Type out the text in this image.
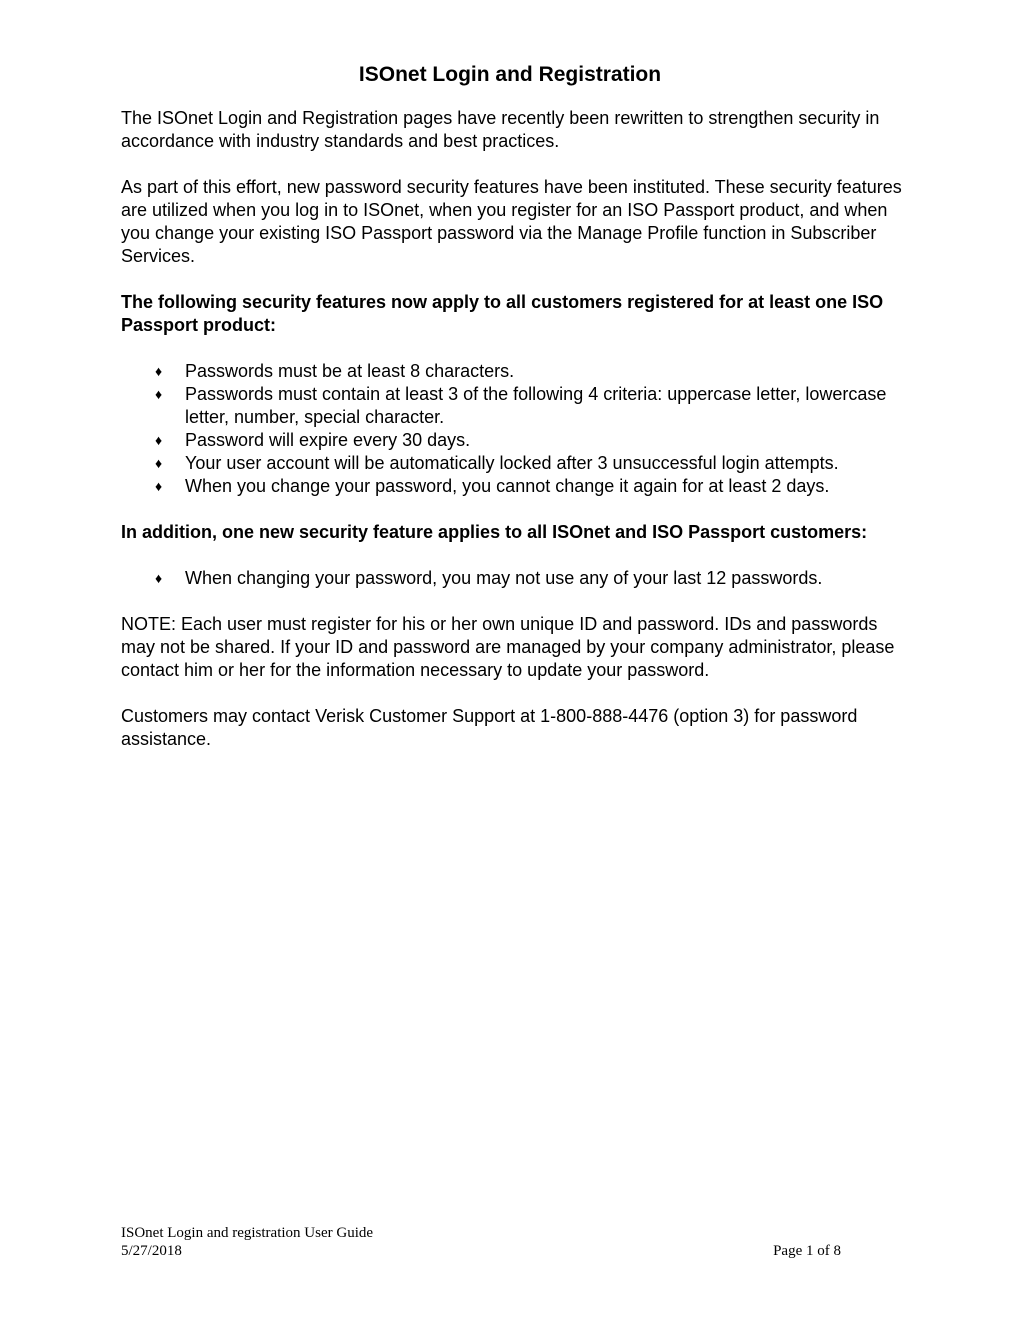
ISOnet Login and Registration

The ISOnet Login and Registration pages have recently been rewritten to strengthen security in accordance with industry standards and best practices.

As part of this effort, new password security features have been instituted. These security features are utilized when you log in to ISOnet, when you register for an ISO Passport product, and when you change your existing ISO Passport password via the Manage Profile function in Subscriber Services.

The following security features now apply to all customers registered for at least one ISO Passport product:

♦ Passwords must be at least 8 characters.
♦ Passwords must contain at least 3 of the following 4 criteria: uppercase letter, lowercase letter, number, special character.
♦ Password will expire every 30 days.
♦ Your user account will be automatically locked after 3 unsuccessful login attempts.
♦ When you change your password, you cannot change it again for at least 2 days.

In addition, one new security feature applies to all ISOnet and ISO Passport customers:

♦ When changing your password, you may not use any of your last 12 passwords.

NOTE: Each user must register for his or her own unique ID and password. IDs and passwords may not be shared. If your ID and password are managed by your company administrator, please contact him or her for the information necessary to update your password.

Customers may contact Verisk Customer Support at 1-800-888-4476 (option 3) for password assistance.

ISOnet Login and registration User Guide
5/27/2018	Page 1 of 8
